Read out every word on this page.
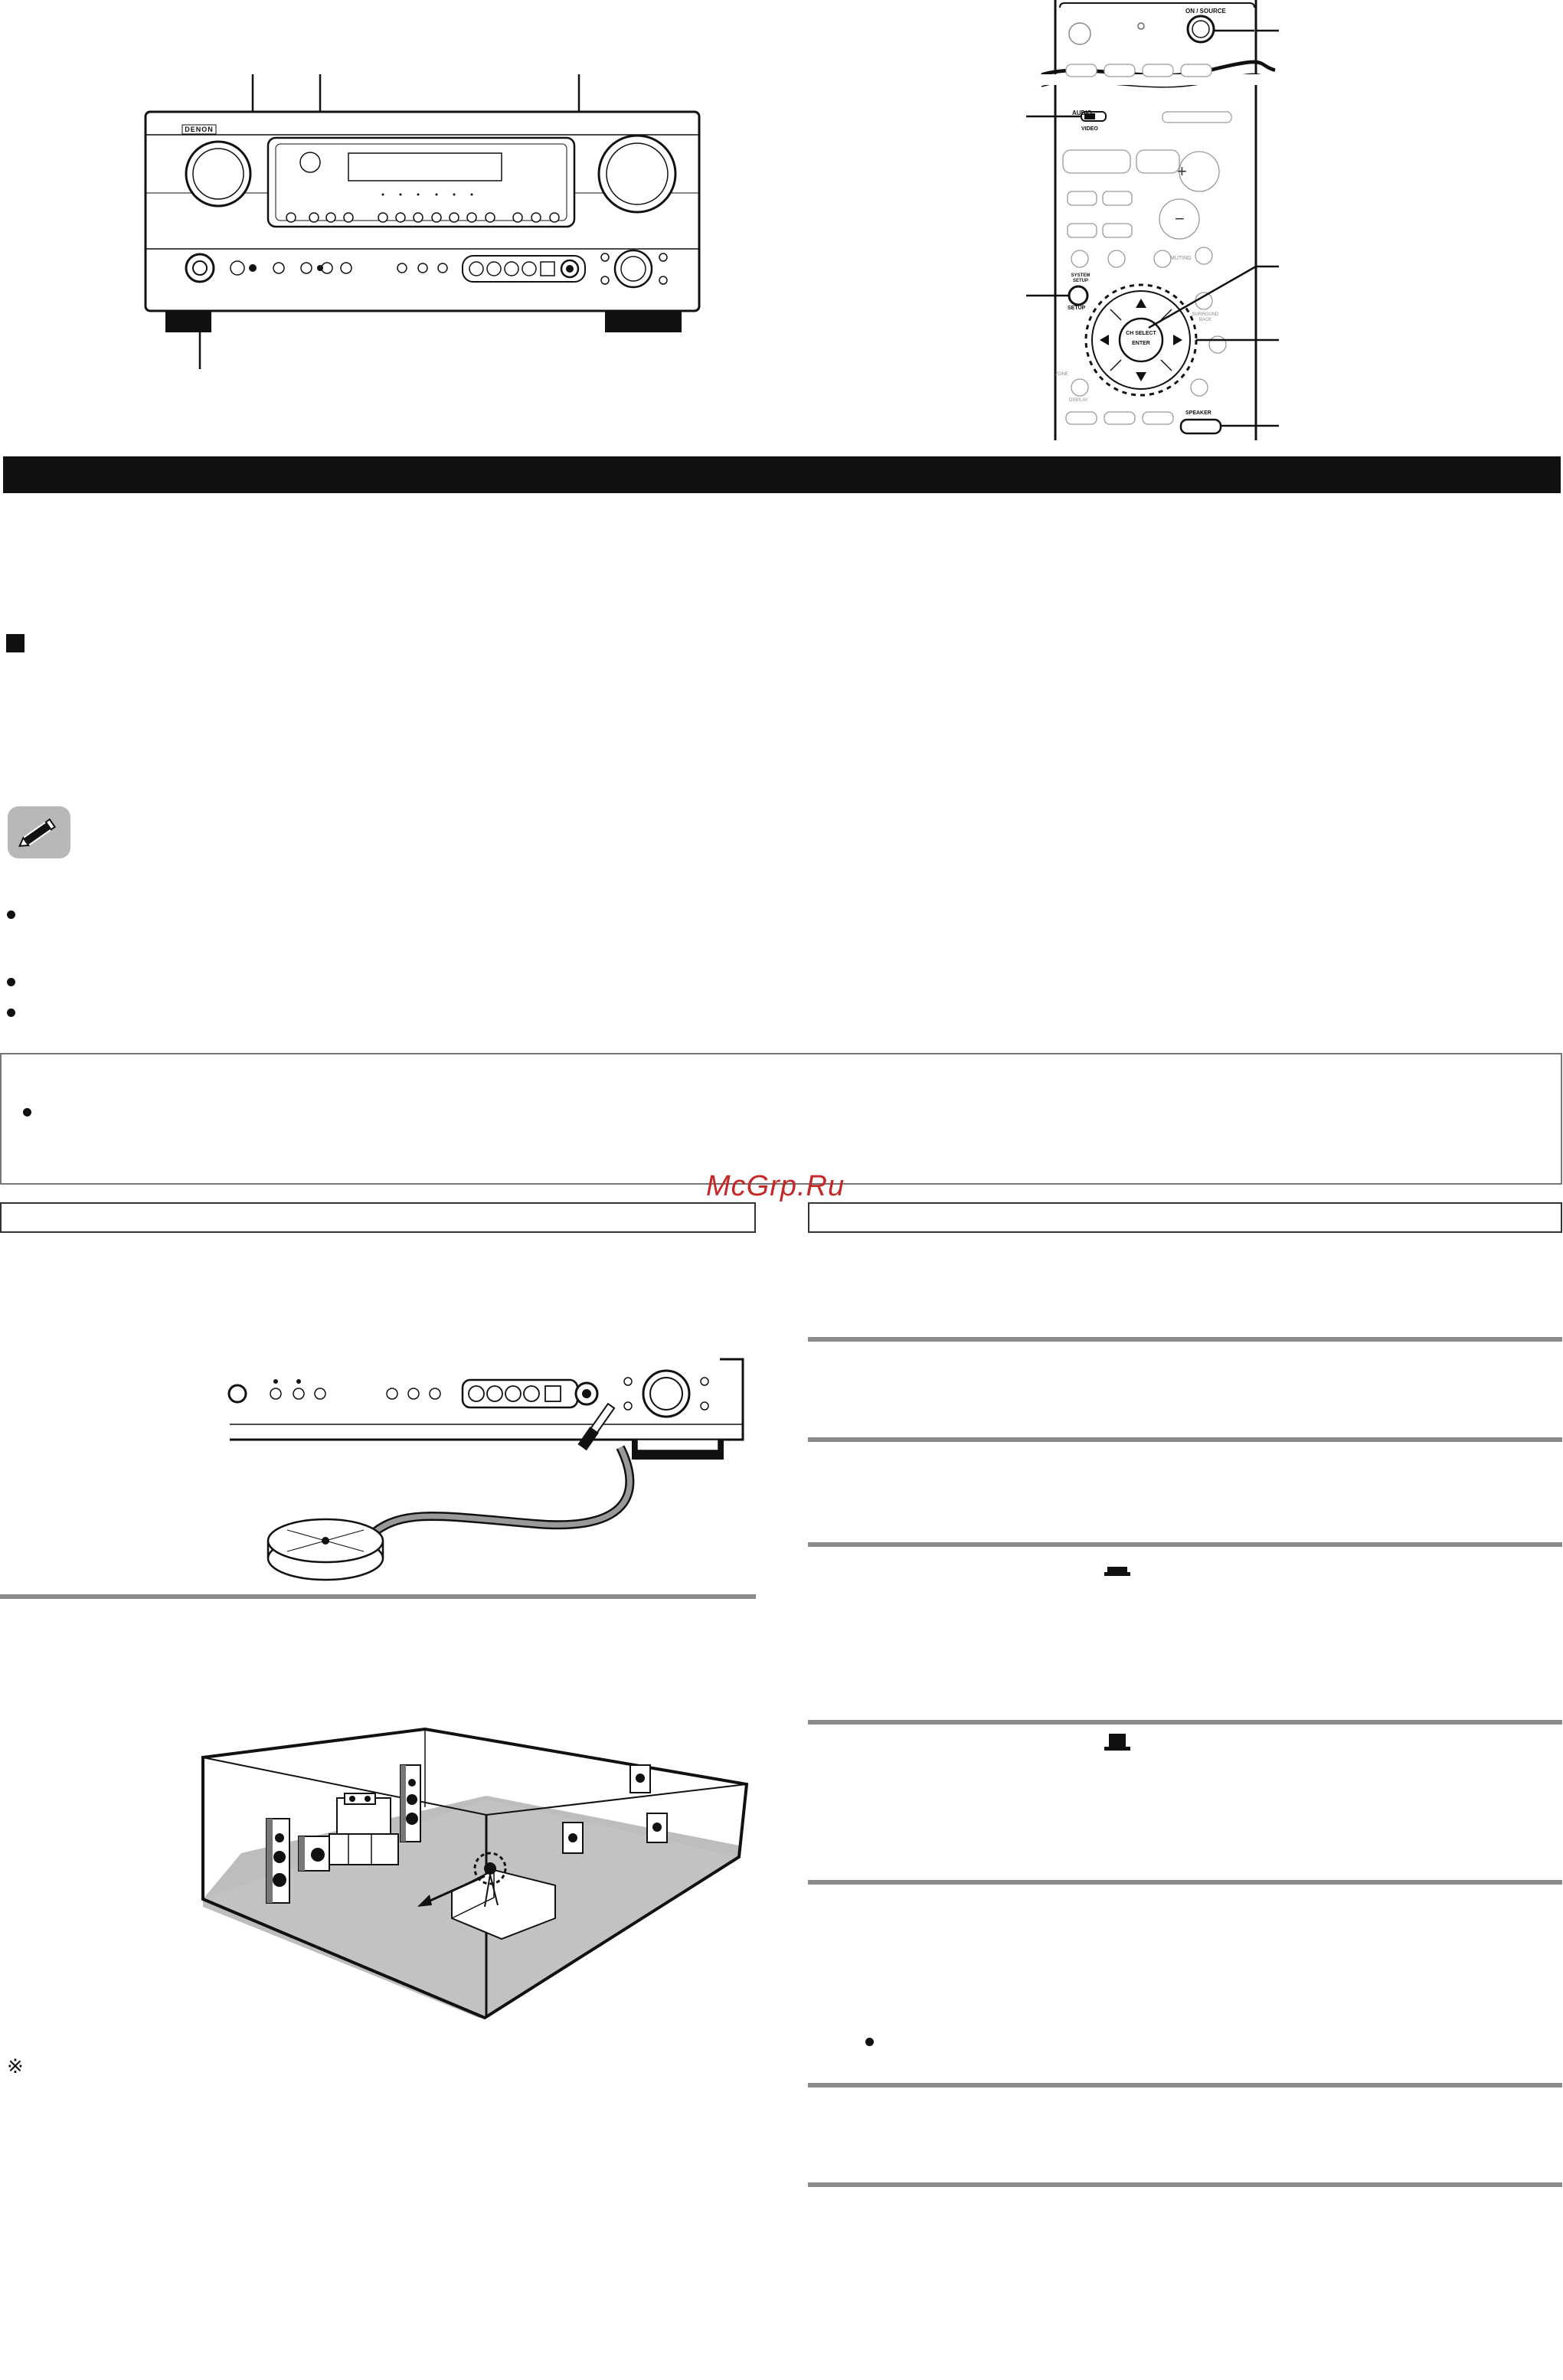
DENON
+
−
ON / SOURCE
AUDIO
VIDEO
MUTING
SYSTEM SETUP
SETUP
CH SELECT
ENTER
SURROUND BACK
ZONE
DISPLAY
SPEAKER
McGrp.Ru
※
